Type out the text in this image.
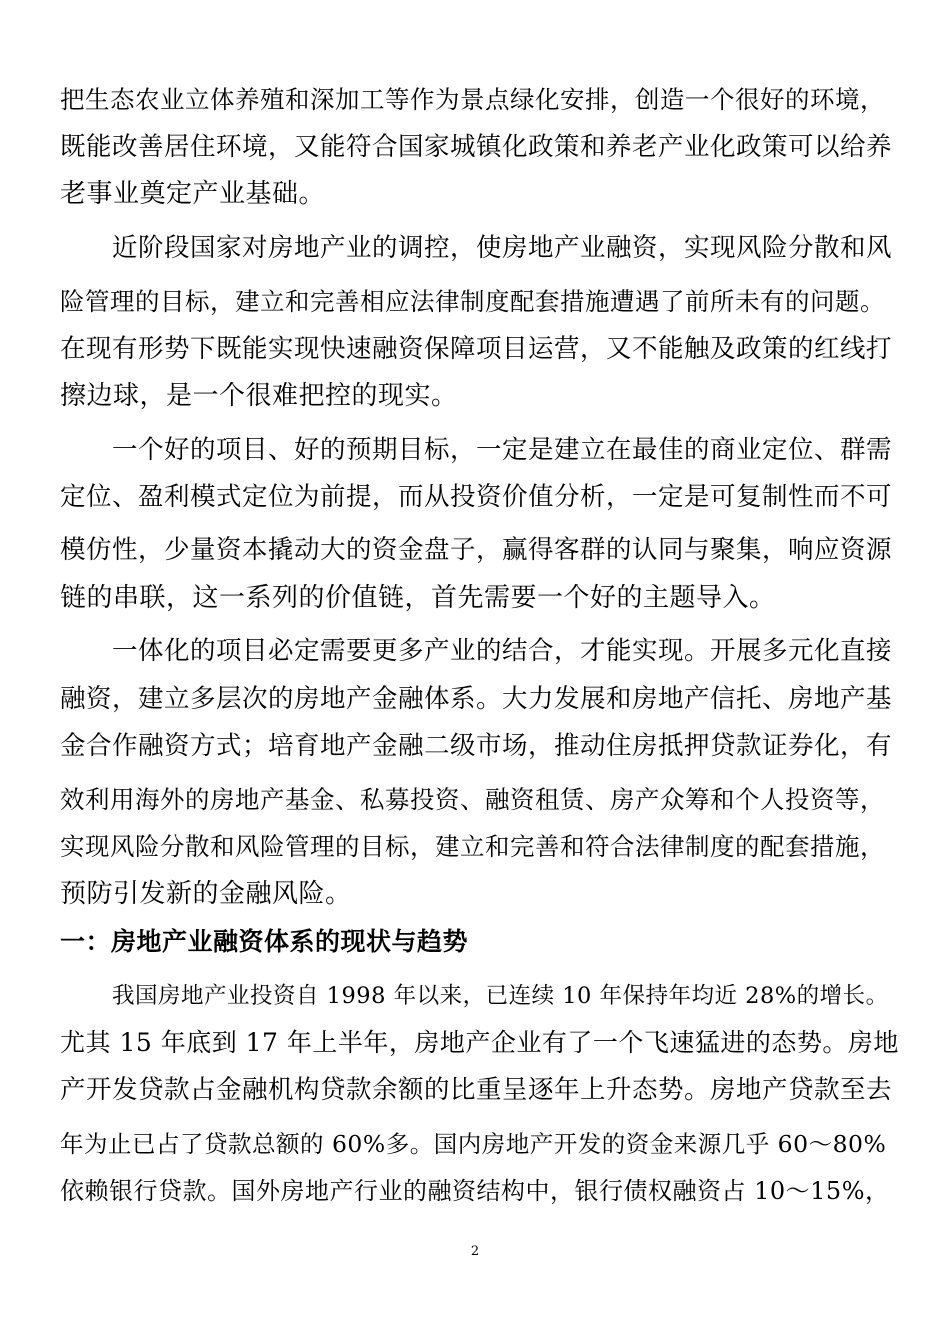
把生态农业立体养殖和深加工等作为景点绿化安排，创造一个很好的环境，
既能改善居住环境，又能符合国家城镇化政策和养老产业化政策可以给养
老事业奠定产业基础。
近阶段国家对房地产业的调控，使房地产业融资，实现风险分散和风
险管理的目标，建立和完善相应法律制度配套措施遭遇了前所未有的问题。
在现有形势下既能实现快速融资保障项目运营，又不能触及政策的红线打
擦边球，是一个很难把控的现实。
一个好的项目、好的预期目标，一定是建立在最佳的商业定位、群需
定位、盈利模式定位为前提，而从投资价值分析，一定是可复制性而不可
模仿性，少量资本撬动大的资金盘子，赢得客群的认同与聚集，响应资源
链的串联，这一系列的价值链，首先需要一个好的主题导入。
一体化的项目必定需要更多产业的结合，才能实现。开展多元化直接
融资，建立多层次的房地产金融体系。大力发展和房地产信托、房地产基
金合作融资方式；培育地产金融二级市场，推动住房抵押贷款证券化，有
效利用海外的房地产基金、私募投资、融资租赁、房产众筹和个人投资等，
实现风险分散和风险管理的目标，建立和完善和符合法律制度的配套措施，
预防引发新的金融风险。
一：房地产业融资体系的现状与趋势
我国房地产业投资自 1998 年以来，已连续 10 年保持年均近 28%的增长。
尤其 15 年底到 17 年上半年，房地产企业有了一个飞速猛进的态势。房地
产开发贷款占金融机构贷款余额的比重呈逐年上升态势。房地产贷款至去
年为止已占了贷款总额的 60%多。国内房地产开发的资金来源几乎 60～80%
依赖银行贷款。国外房地产行业的融资结构中，银行债权融资占 10～15%，
2
